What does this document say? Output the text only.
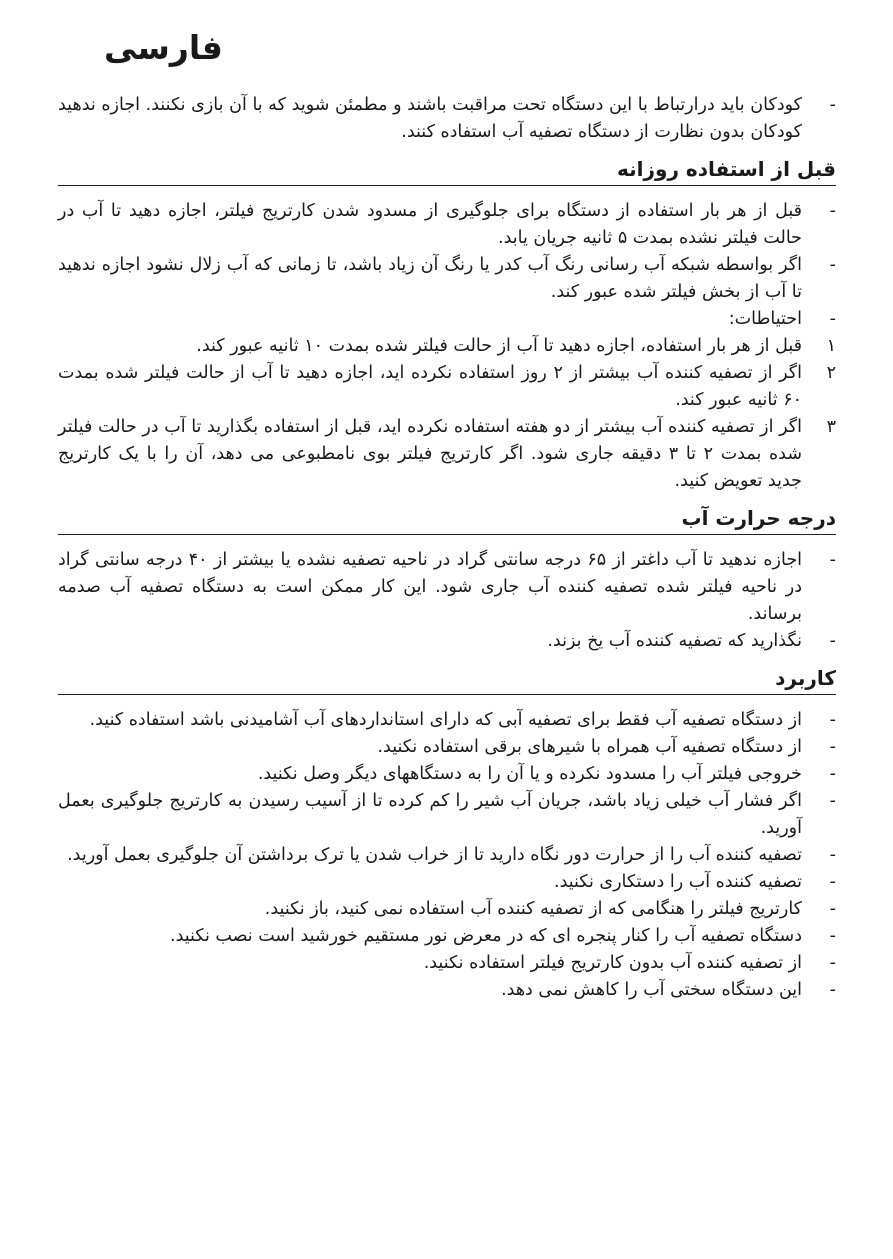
فارسی
-
کودکان باید درارتباط با این دستگاه تحت مراقبت باشند و مطمئن شوید که با آن بازی نکنند. اجازه ندهید کودکان بدون نظارت از دستگاه تصفیه آب استفاده کنند.
قبل از استفاده روزانه
-
قبل از هر بار استفاده از دستگاه برای جلوگیری از مسدود شدن کارتریج فیلتر، اجازه دهید تا آب در حالت فیلتر نشده بمدت ۵ ثانیه جریان یابد.
-
اگر بواسطه شبکه آب رسانی رنگ آب کدر یا رنگ آن زیاد باشد، تا زمانی که آب زلال نشود اجازه ندهید تا آب از بخش فیلتر شده عبور کند.
-
احتیاطات:
۱
قبل از هر بار استفاده، اجازه دهید تا آب از حالت فیلتر شده بمدت ۱۰ ثانیه عبور کند.
۲
اگر از تصفیه کننده آب بیشتر از ۲ روز استفاده نکرده اید، اجازه دهید تا آب از حالت فیلتر شده بمدت ۶۰ ثانیه عبور کند.
۳
اگر از تصفیه کننده آب بیشتر از دو هفته استفاده نکرده اید، قبل از استفاده بگذارید تا آب در حالت فیلتر شده بمدت ۲ تا ۳ دقیقه جاری شود. اگر کارتریج فیلتر بوی نامطبوعی می دهد، آن را با یک کارتریج جدید تعویض کنید.
درجه حرارت آب
-
اجازه ندهید تا آب داغتر از ۶۵ درجه سانتی گراد در ناحیه تصفیه نشده یا بیشتر از ۴۰ درجه سانتی گراد در ناحیه فیلتر شده تصفیه کننده آب جاری شود. این کار ممکن است به دستگاه تصفیه آب صدمه برساند.
-
نگذارید که تصفیه کننده آب یخ بزند.
کاربرد
-
از دستگاه تصفیه آب فقط برای تصفیه آبی که دارای استانداردهای آب آشامیدنی باشد استفاده کنید.
-
از دستگاه تصفیه آب همراه با شیرهای برقی استفاده نکنید.
-
خروجی فیلتر آب را مسدود نکرده و یا آن را به دستگاههای دیگر وصل نکنید.
-
اگر فشار آب خیلی زیاد باشد، جریان آب شیر را کم کرده تا از آسیب رسیدن به کارتریج جلوگیری بعمل آورید.
-
تصفیه کننده آب را از حرارت دور نگاه دارید تا از خراب شدن یا ترک برداشتن آن جلوگیری بعمل آورید.
-
تصفیه کننده آب را دستکاری نکنید.
-
کارتریج فیلتر را هنگامی که از تصفیه کننده آب استفاده نمی کنید، باز نکنید.
-
دستگاه تصفیه آب را کنار پنجره ای که در معرض نور مستقیم خورشید است نصب نکنید.
-
از تصفیه کننده آب بدون کارتریج فیلتر استفاده نکنید.
-
این دستگاه سختی آب را کاهش نمی دهد.
